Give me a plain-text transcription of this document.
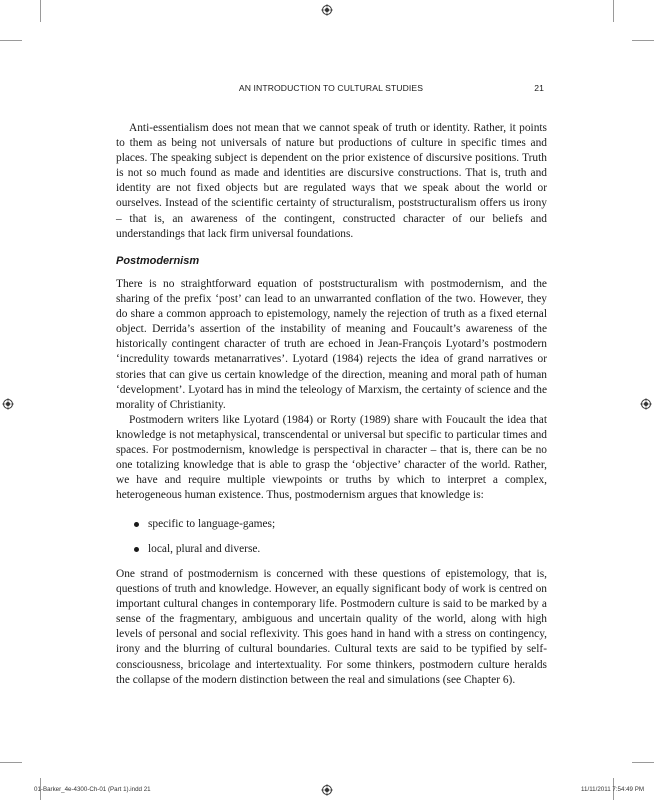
AN INTRODUCTION TO CULTURAL STUDIES	21

Anti-essentialism does not mean that we cannot speak of truth or identity. Rather, it points to them as being not universals of nature but productions of culture in specific times and places. The speaking subject is dependent on the prior existence of discursive positions. Truth is not so much found as made and identities are discursive constructions. That is, truth and identity are not fixed objects but are regulated ways that we speak about the world or ourselves. Instead of the scientific certainty of structuralism, poststructuralism offers us irony – that is, an awareness of the contingent, constructed character of our beliefs and understandings that lack firm universal foundations.

Postmodernism

There is no straightforward equation of poststructuralism with postmodernism, and the sharing of the prefix ‘post’ can lead to an unwarranted conflation of the two. However, they do share a common approach to epistemology, namely the rejection of truth as a fixed eternal object. Derrida’s assertion of the instability of meaning and Foucault’s awareness of the historically contingent character of truth are echoed in Jean-François Lyotard’s postmodern ‘incredulity towards metanarratives’. Lyotard (1984) rejects the idea of grand narratives or stories that can give us certain knowledge of the direction, meaning and moral path of human ‘development’. Lyotard has in mind the teleology of Marxism, the certainty of science and the morality of Christianity.

Postmodern writers like Lyotard (1984) or Rorty (1989) share with Foucault the idea that knowledge is not metaphysical, transcendental or universal but specific to particular times and spaces. For postmodernism, knowledge is perspectival in character – that is, there can be no one totalizing knowledge that is able to grasp the ‘objective’ character of the world. Rather, we have and require multiple viewpoints or truths by which to interpret a complex, heterogeneous human existence. Thus, postmodernism argues that knowledge is:

specific to language-games;
local, plural and diverse.

One strand of postmodernism is concerned with these questions of epistemology, that is, questions of truth and knowledge. However, an equally significant body of work is centred on important cultural changes in contemporary life. Postmodern culture is said to be marked by a sense of the fragmentary, ambiguous and uncertain quality of the world, along with high levels of personal and social reflexivity. This goes hand in hand with a stress on contingency, irony and the blurring of cultural boundaries. Cultural texts are said to be typified by self-consciousness, bricolage and intertextuality. For some thinkers, postmodern culture heralds the collapse of the modern distinction between the real and simulations (see Chapter 6).

01-Barker_4e-4300-Ch-01 (Part 1).indd 21	11/11/2011 7:54:49 PM
